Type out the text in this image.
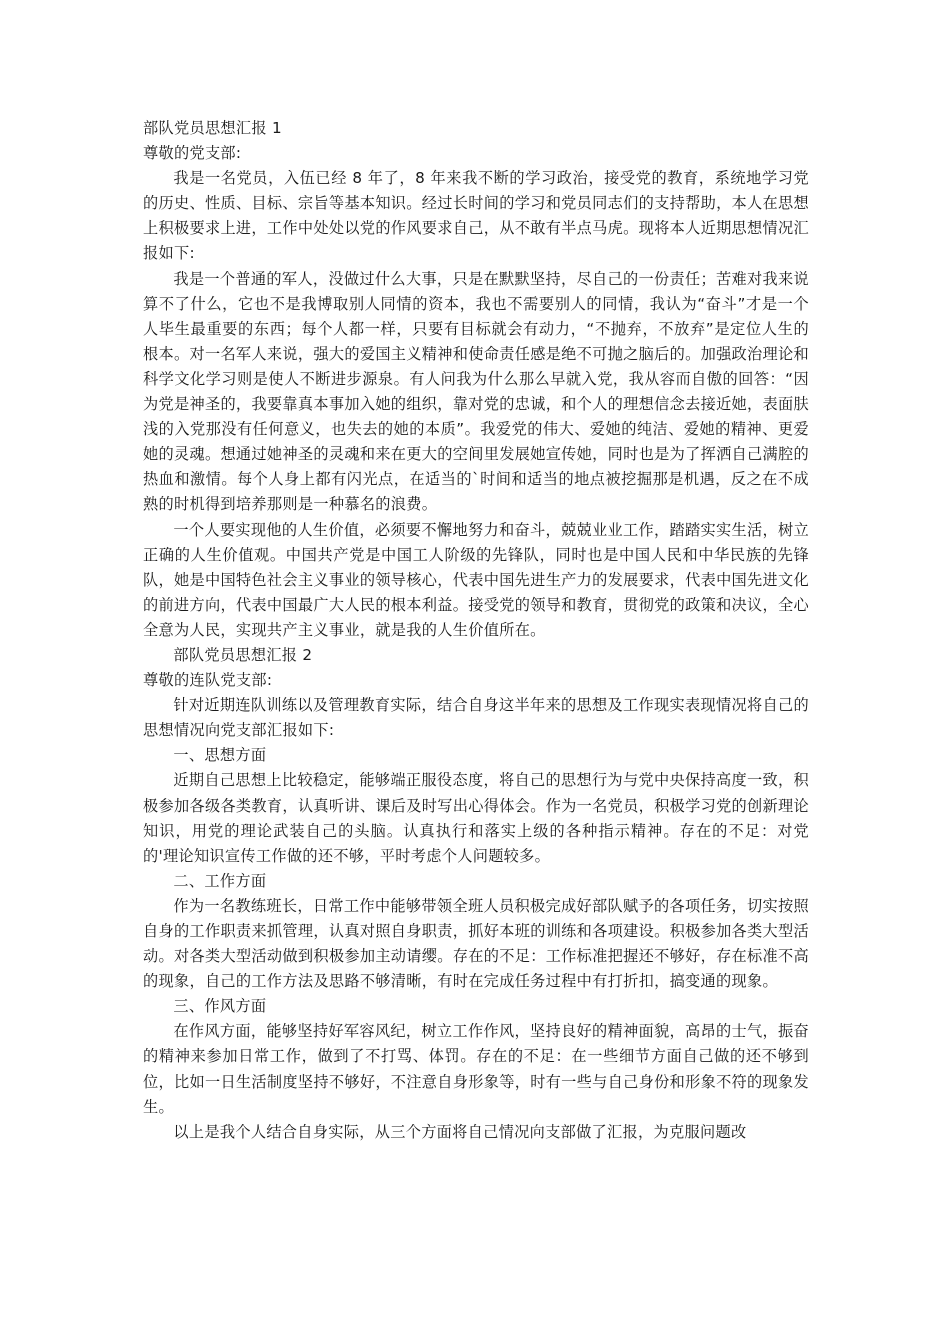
部队党员思想汇报 1

尊敬的党支部:

我是一名党员，入伍已经 8 年了，8 年来我不断的学习政治，接受党的教育，系统地学习党的历史、性质、目标、宗旨等基本知识。经过长时间的学习和党员同志们的支持帮助，本人在思想上积极要求上进，工作中处处以党的作风要求自己，从不敢有半点马虎。现将本人近期思想情况汇报如下:

我是一个普通的军人，没做过什么大事，只是在默默坚持，尽自己的一份责任；苦难对我来说算不了什么，它也不是我博取别人同情的资本，我也不需要别人的同情，我认为“奋斗”才是一个人毕生最重要的东西；每个人都一样，只要有目标就会有动力，“不抛弃，不放弃”是定位人生的根本。对一名军人来说，强大的爱国主义精神和使命责任感是绝不可抛之脑后的。加强政治理论和科学文化学习则是使人不断进步源泉。有人问我为什么那么早就入党，我从容而自傲的回答：“因为党是神圣的，我要靠真本事加入她的组织，靠对党的忠诚，和个人的理想信念去接近她，表面肤浅的入党那没有任何意义，也失去的她的本质”。我爱党的伟大、爱她的纯洁、爱她的精神、更爱她的灵魂。想通过她神圣的灵魂和来在更大的空间里发展她宣传她，同时也是为了挥洒自己满腔的热血和激情。每个人身上都有闪光点，在适当的`时间和适当的地点被挖掘那是机遇，反之在不成熟的时机得到培养那则是一种慕名的浪费。

一个人要实现他的人生价值，必须要不懈地努力和奋斗，兢兢业业工作，踏踏实实生活，树立正确的人生价值观。中国共产党是中国工人阶级的先锋队，同时也是中国人民和中华民族的先锋队，她是中国特色社会主义事业的领导核心，代表中国先进生产力的发展要求，代表中国先进文化的前进方向，代表中国最广大人民的根本利益。接受党的领导和教育，贯彻党的政策和决议，全心全意为人民，实现共产主义事业，就是我的人生价值所在。

部队党员思想汇报 2

尊敬的连队党支部:

针对近期连队训练以及管理教育实际，结合自身这半年来的思想及工作现实表现情况将自己的思想情况向党支部汇报如下:

一、思想方面

近期自己思想上比较稳定，能够端正服役态度，将自己的思想行为与党中央保持高度一致，积极参加各级各类教育，认真听讲、课后及时写出心得体会。作为一名党员，积极学习党的创新理论知识，用党的理论武装自己的头脑。认真执行和落实上级的各种指示精神。存在的不足：对党的'理论知识宣传工作做的还不够，平时考虑个人问题较多。

二、工作方面

作为一名教练班长，日常工作中能够带领全班人员积极完成好部队赋予的各项任务，切实按照自身的工作职责来抓管理，认真对照自身职责，抓好本班的训练和各项建设。积极参加各类大型活动。对各类大型活动做到积极参加主动请缨。存在的不足：工作标准把握还不够好，存在标准不高的现象，自己的工作方法及思路不够清晰，有时在完成任务过程中有打折扣，搞变通的现象。

三、作风方面

在作风方面，能够坚持好军容风纪，树立工作作风，坚持良好的精神面貌，高昂的士气，振奋的精神来参加日常工作，做到了不打骂、体罚。存在的不足：在一些细节方面自己做的还不够到位，比如一日生活制度坚持不够好，不注意自身形象等，时有一些与自己身份和形象不符的现象发生。

以上是我个人结合自身实际，从三个方面将自己情况向支部做了汇报，为克服问题改
